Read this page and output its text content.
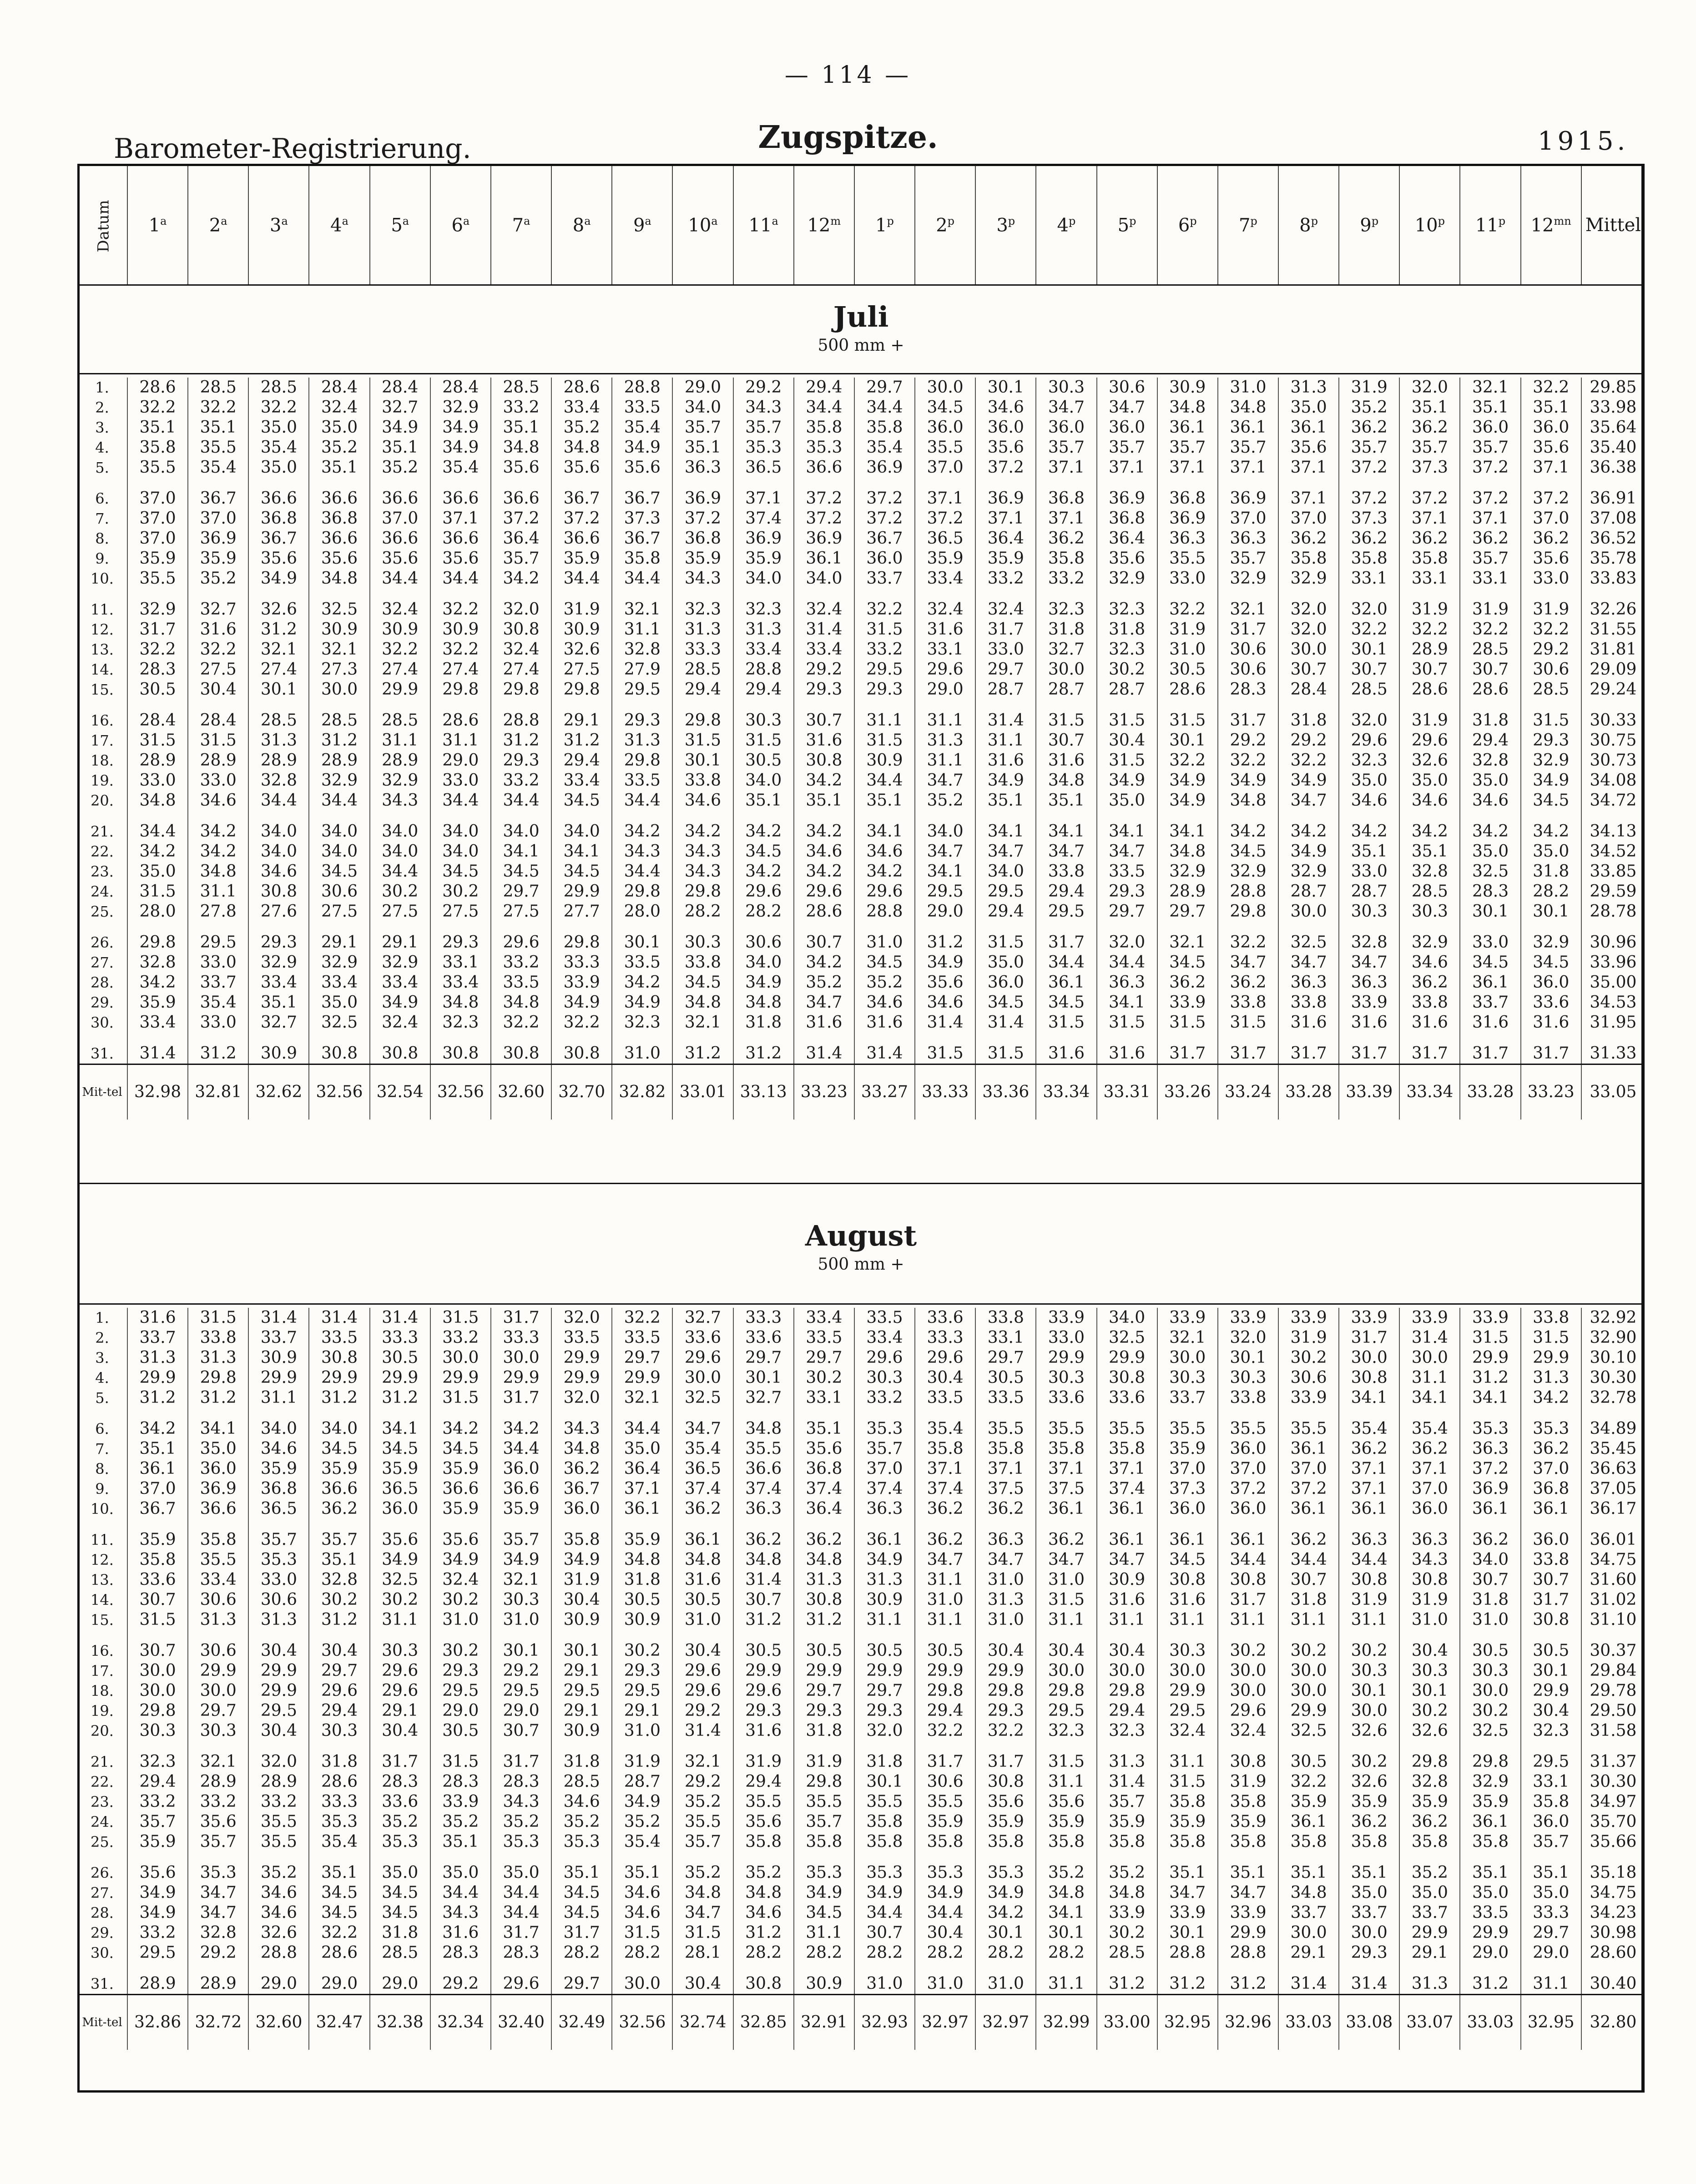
— 114 —
Barometer-Registrierung.	Zugspitze.	1915.
Datum	1$^a$	2$^a$	3$^a$	4$^a$	5$^a$	6$^a$	7$^a$	8$^a$	9$^a$	10$^a$	11$^a$	12$^m$	1$^p$	2$^p$	3$^p$	4$^p$	5$^p$	6$^p$	7$^p$	8$^p$	9$^p$	10$^p$	11$^p$	$12^{mn}$	Mittel
Juli
500 mm +
1.	28.6	28.5	28.5	28.4	28.4	28.4	28.5	28.6	28.8	29.0	29.2	29.4	29.7	30.0	30.1	30.3	30.6	30.9	31.0	31.3	31.9	32.0	32.1	32.2	29.85
2.	32.2	32.2	32.2	32.4	32.7	32.9	33.2	33.4	33.5	34.0	34.3	34.4	34.4	34.5	34.6	34.7	34.7	34.8	34.8	35.0	35.2	35.1	35.1	35.1	33.98
3.	35.1	35.1	35.0	35.0	34.9	34.9	35.1	35.2	35.4	35.7	35.7	35.8	35.8	36.0	36.0	36.0	36.0	36.1	36.1	36.1	36.2	36.2	36.0	36.0	35.64
4.	35.8	35.5	35.4	35.2	35.1	34.9	34.8	34.8	34.9	35.1	35.3	35.3	35.4	35.5	35.6	35.7	35.7	35.7	35.7	35.6	35.7	35.7	35.7	35.6	35.40
5.	35.5	35.4	35.0	35.1	35.2	35.4	35.6	35.6	35.6	36.3	36.5	36.6	36.9	37.0	37.2	37.1	37.1	37.1	37.1	37.1	37.2	37.3	37.2	37.1	36.38

6.	37.0	36.7	36.6	36.6	36.6	36.6	36.6	36.7	36.7	36.9	37.1	37.2	37.2	37.1	36.9	36.8	36.9	36.8	36.9	37.1	37.2	37.2	37.2	37.2	36.91
7.	37.0	37.0	36.8	36.8	37.0	37.1	37.2	37.2	37.3	37.2	37.4	37.2	37.2	37.2	37.1	37.1	36.8	36.9	37.0	37.0	37.3	37.1	37.1	37.0	37.08
8.	37.0	36.9	36.7	36.6	36.6	36.6	36.4	36.6	36.7	36.8	36.9	36.9	36.7	36.5	36.4	36.2	36.4	36.3	36.3	36.2	36.2	36.2	36.2	36.2	36.52
9.	35.9	35.9	35.6	35.6	35.6	35.6	35.7	35.9	35.8	35.9	35.9	36.1	36.0	35.9	35.9	35.8	35.6	35.5	35.7	35.8	35.8	35.8	35.7	35.6	35.78
10.	35.5	35.2	34.9	34.8	34.4	34.4	34.2	34.4	34.4	34.3	34.0	34.0	33.7	33.4	33.2	33.2	32.9	33.0	32.9	32.9	33.1	33.1	33.1	33.0	33.83

11.	32.9	32.7	32.6	32.5	32.4	32.2	32.0	31.9	32.1	32.3	32.3	32.4	32.2	32.4	32.4	32.3	32.3	32.2	32.1	32.0	32.0	31.9	31.9	31.9	32.26
12.	31.7	31.6	31.2	30.9	30.9	30.9	30.8	30.9	31.1	31.3	31.3	31.4	31.5	31.6	31.7	31.8	31.8	31.9	31.7	32.0	32.2	32.2	32.2	32.2	31.55
13.	32.2	32.2	32.1	32.1	32.2	32.2	32.4	32.6	32.8	33.3	33.4	33.4	33.2	33.1	33.0	32.7	32.3	31.0	30.6	30.0	30.1	28.9	28.5	29.2	31.81
14.	28.3	27.5	27.4	27.3	27.4	27.4	27.4	27.5	27.9	28.5	28.8	29.2	29.5	29.6	29.7	30.0	30.2	30.5	30.6	30.7	30.7	30.7	30.7	30.6	29.09
15.	30.5	30.4	30.1	30.0	29.9	29.8	29.8	29.8	29.5	29.4	29.4	29.3	29.3	29.0	28.7	28.7	28.7	28.6	28.3	28.4	28.5	28.6	28.6	28.5	29.24

16.	28.4	28.4	28.5	28.5	28.5	28.6	28.8	29.1	29.3	29.8	30.3	30.7	31.1	31.1	31.4	31.5	31.5	31.5	31.7	31.8	32.0	31.9	31.8	31.5	30.33
17.	31.5	31.5	31.3	31.2	31.1	31.1	31.2	31.2	31.3	31.5	31.5	31.6	31.5	31.3	31.1	30.7	30.4	30.1	29.2	29.2	29.6	29.6	29.4	29.3	30.75
18.	28.9	28.9	28.9	28.9	28.9	29.0	29.3	29.4	29.8	30.1	30.5	30.8	30.9	31.1	31.6	31.6	31.5	32.2	32.2	32.2	32.3	32.6	32.8	32.9	30.73
19.	33.0	33.0	32.8	32.9	32.9	33.0	33.2	33.4	33.5	33.8	34.0	34.2	34.4	34.7	34.9	34.8	34.9	34.9	34.9	34.9	35.0	35.0	35.0	34.9	34.08
20.	34.8	34.6	34.4	34.4	34.3	34.4	34.4	34.5	34.4	34.6	35.1	35.1	35.1	35.2	35.1	35.1	35.0	34.9	34.8	34.7	34.6	34.6	34.6	34.5	34.72

21.	34.4	34.2	34.0	34.0	34.0	34.0	34.0	34.0	34.2	34.2	34.2	34.2	34.1	34.0	34.1	34.1	34.1	34.1	34.2	34.2	34.2	34.2	34.2	34.2	34.13
22.	34.2	34.2	34.0	34.0	34.0	34.0	34.1	34.1	34.3	34.3	34.5	34.6	34.6	34.7	34.7	34.7	34.7	34.8	34.5	34.9	35.1	35.1	35.0	35.0	34.52
23.	35.0	34.8	34.6	34.5	34.4	34.5	34.5	34.5	34.4	34.3	34.2	34.2	34.2	34.1	34.0	33.8	33.5	32.9	32.9	32.9	33.0	32.8	32.5	31.8	33.85
24.	31.5	31.1	30.8	30.6	30.2	30.2	29.7	29.9	29.8	29.8	29.6	29.6	29.6	29.5	29.5	29.4	29.3	28.9	28.8	28.7	28.7	28.5	28.3	28.2	29.59
25.	28.0	27.8	27.6	27.5	27.5	27.5	27.5	27.7	28.0	28.2	28.2	28.6	28.8	29.0	29.4	29.5	29.7	29.7	29.8	30.0	30.3	30.3	30.1	30.1	28.78

26.	29.8	29.5	29.3	29.1	29.1	29.3	29.6	29.8	30.1	30.3	30.6	30.7	31.0	31.2	31.5	31.7	32.0	32.1	32.2	32.5	32.8	32.9	33.0	32.9	30.96
27.	32.8	33.0	32.9	32.9	32.9	33.1	33.2	33.3	33.5	33.8	34.0	34.2	34.5	34.9	35.0	34.4	34.4	34.5	34.7	34.7	34.7	34.6	34.5	34.5	33.96
28.	34.2	33.7	33.4	33.4	33.4	33.4	33.5	33.9	34.2	34.5	34.9	35.2	35.2	35.6	36.0	36.1	36.3	36.2	36.2	36.3	36.3	36.2	36.1	36.0	35.00
29.	35.9	35.4	35.1	35.0	34.9	34.8	34.8	34.9	34.9	34.8	34.8	34.7	34.6	34.6	34.5	34.5	34.1	33.9	33.8	33.8	33.9	33.8	33.7	33.6	34.53
30.	33.4	33.0	32.7	32.5	32.4	32.3	32.2	32.2	32.3	32.1	31.8	31.6	31.6	31.4	31.4	31.5	31.5	31.5	31.5	31.6	31.6	31.6	31.6	31.6	31.95

31.	31.4	31.2	30.9	30.8	30.8	30.8	30.8	30.8	31.0	31.2	31.2	31.4	31.4	31.5	31.5	31.6	31.6	31.7	31.7	31.7	31.7	31.7	31.7	31.7	31.33
Mit-tel	32.98	32.81	32.62	32.56	32.54	32.56	32.60	32.70	32.82	33.01	33.13	33.23	33.27	33.33	33.36	33.34	33.31	33.26	33.24	33.28	33.39	33.34	33.28	33.23	33.05
August
500 mm +
1.	31.6	31.5	31.4	31.4	31.4	31.5	31.7	32.0	32.2	32.7	33.3	33.4	33.5	33.6	33.8	33.9	34.0	33.9	33.9	33.9	33.9	33.9	33.9	33.8	32.92
2.	33.7	33.8	33.7	33.5	33.3	33.2	33.3	33.5	33.5	33.6	33.6	33.5	33.4	33.3	33.1	33.0	32.5	32.1	32.0	31.9	31.7	31.4	31.5	31.5	32.90
3.	31.3	31.3	30.9	30.8	30.5	30.0	30.0	29.9	29.7	29.6	29.7	29.7	29.6	29.6	29.7	29.9	29.9	30.0	30.1	30.2	30.0	30.0	29.9	29.9	30.10
4.	29.9	29.8	29.9	29.9	29.9	29.9	29.9	29.9	29.9	30.0	30.1	30.2	30.3	30.4	30.5	30.3	30.8	30.3	30.3	30.6	30.8	31.1	31.2	31.3	30.30
5.	31.2	31.2	31.1	31.2	31.2	31.5	31.7	32.0	32.1	32.5	32.7	33.1	33.2	33.5	33.5	33.6	33.6	33.7	33.8	33.9	34.1	34.1	34.1	34.2	32.78

6.	34.2	34.1	34.0	34.0	34.1	34.2	34.2	34.3	34.4	34.7	34.8	35.1	35.3	35.4	35.5	35.5	35.5	35.5	35.5	35.5	35.4	35.4	35.3	35.3	34.89
7.	35.1	35.0	34.6	34.5	34.5	34.5	34.4	34.8	35.0	35.4	35.5	35.6	35.7	35.8	35.8	35.8	35.8	35.9	36.0	36.1	36.2	36.2	36.3	36.2	35.45
8.	36.1	36.0	35.9	35.9	35.9	35.9	36.0	36.2	36.4	36.5	36.6	36.8	37.0	37.1	37.1	37.1	37.1	37.0	37.0	37.0	37.1	37.1	37.2	37.0	36.63
9.	37.0	36.9	36.8	36.6	36.5	36.6	36.6	36.7	37.1	37.4	37.4	37.4	37.4	37.4	37.5	37.5	37.4	37.3	37.2	37.2	37.1	37.0	36.9	36.8	37.05
10.	36.7	36.6	36.5	36.2	36.0	35.9	35.9	36.0	36.1	36.2	36.3	36.4	36.3	36.2	36.2	36.1	36.1	36.0	36.0	36.1	36.1	36.0	36.1	36.1	36.17

11.	35.9	35.8	35.7	35.7	35.6	35.6	35.7	35.8	35.9	36.1	36.2	36.2	36.1	36.2	36.3	36.2	36.1	36.1	36.1	36.2	36.3	36.3	36.2	36.0	36.01
12.	35.8	35.5	35.3	35.1	34.9	34.9	34.9	34.9	34.8	34.8	34.8	34.8	34.9	34.7	34.7	34.7	34.7	34.5	34.4	34.4	34.4	34.3	34.0	33.8	34.75
13.	33.6	33.4	33.0	32.8	32.5	32.4	32.1	31.9	31.8	31.6	31.4	31.3	31.3	31.1	31.0	31.0	30.9	30.8	30.8	30.7	30.8	30.8	30.7	30.7	31.60
14.	30.7	30.6	30.6	30.2	30.2	30.2	30.3	30.4	30.5	30.5	30.7	30.8	30.9	31.0	31.3	31.5	31.6	31.6	31.7	31.8	31.9	31.9	31.8	31.7	31.02
15.	31.5	31.3	31.3	31.2	31.1	31.0	31.0	30.9	30.9	31.0	31.2	31.2	31.1	31.1	31.0	31.1	31.1	31.1	31.1	31.1	31.1	31.0	31.0	30.8	31.10

16.	30.7	30.6	30.4	30.4	30.3	30.2	30.1	30.1	30.2	30.4	30.5	30.5	30.5	30.5	30.4	30.4	30.4	30.3	30.2	30.2	30.2	30.4	30.5	30.5	30.37
17.	30.0	29.9	29.9	29.7	29.6	29.3	29.2	29.1	29.3	29.6	29.9	29.9	29.9	29.9	29.9	30.0	30.0	30.0	30.0	30.0	30.3	30.3	30.3	30.1	29.84
18.	30.0	30.0	29.9	29.6	29.6	29.5	29.5	29.5	29.5	29.6	29.6	29.7	29.7	29.8	29.8	29.8	29.8	29.9	30.0	30.0	30.1	30.1	30.0	29.9	29.78
19.	29.8	29.7	29.5	29.4	29.1	29.0	29.0	29.1	29.1	29.2	29.3	29.3	29.3	29.4	29.3	29.5	29.4	29.5	29.6	29.9	30.0	30.2	30.2	30.4	29.50
20.	30.3	30.3	30.4	30.3	30.4	30.5	30.7	30.9	31.0	31.4	31.6	31.8	32.0	32.2	32.2	32.3	32.3	32.4	32.4	32.5	32.6	32.6	32.5	32.3	31.58

21.	32.3	32.1	32.0	31.8	31.7	31.5	31.7	31.8	31.9	32.1	31.9	31.9	31.8	31.7	31.7	31.5	31.3	31.1	30.8	30.5	30.2	29.8	29.8	29.5	31.37
22.	29.4	28.9	28.9	28.6	28.3	28.3	28.3	28.5	28.7	29.2	29.4	29.8	30.1	30.6	30.8	31.1	31.4	31.5	31.9	32.2	32.6	32.8	32.9	33.1	30.30
23.	33.2	33.2	33.2	33.3	33.6	33.9	34.3	34.6	34.9	35.2	35.5	35.5	35.5	35.5	35.6	35.6	35.7	35.8	35.8	35.9	35.9	35.9	35.9	35.8	34.97
24.	35.7	35.6	35.5	35.3	35.2	35.2	35.2	35.2	35.2	35.5	35.6	35.7	35.8	35.9	35.9	35.9	35.9	35.9	35.9	36.1	36.2	36.2	36.1	36.0	35.70
25.	35.9	35.7	35.5	35.4	35.3	35.1	35.3	35.3	35.4	35.7	35.8	35.8	35.8	35.8	35.8	35.8	35.8	35.8	35.8	35.8	35.8	35.8	35.8	35.7	35.66

26.	35.6	35.3	35.2	35.1	35.0	35.0	35.0	35.1	35.1	35.2	35.2	35.3	35.3	35.3	35.3	35.2	35.2	35.1	35.1	35.1	35.1	35.2	35.1	35.1	35.18
27.	34.9	34.7	34.6	34.5	34.5	34.4	34.4	34.5	34.6	34.8	34.8	34.9	34.9	34.9	34.9	34.8	34.8	34.7	34.7	34.8	35.0	35.0	35.0	35.0	34.75
28.	34.9	34.7	34.6	34.5	34.5	34.3	34.4	34.5	34.6	34.7	34.6	34.5	34.4	34.4	34.2	34.1	33.9	33.9	33.9	33.7	33.7	33.7	33.5	33.3	34.23
29.	33.2	32.8	32.6	32.2	31.8	31.6	31.7	31.7	31.5	31.5	31.2	31.1	30.7	30.4	30.1	30.1	30.2	30.1	29.9	30.0	30.0	29.9	29.9	29.7	30.98
30.	29.5	29.2	28.8	28.6	28.5	28.3	28.3	28.2	28.2	28.1	28.2	28.2	28.2	28.2	28.2	28.2	28.5	28.8	28.8	29.1	29.3	29.1	29.0	29.0	28.60

31.	28.9	28.9	29.0	29.0	29.0	29.2	29.6	29.7	30.0	30.4	30.8	30.9	31.0	31.0	31.0	31.1	31.2	31.2	31.2	31.4	31.4	31.3	31.2	31.1	30.40
Mit-tel	32.86	32.72	32.60	32.47	32.38	32.34	32.40	32.49	32.56	32.74	32.85	32.91	32.93	32.97	32.97	32.99	33.00	32.95	32.96	33.03	33.08	33.07	33.03	32.95	32.80
